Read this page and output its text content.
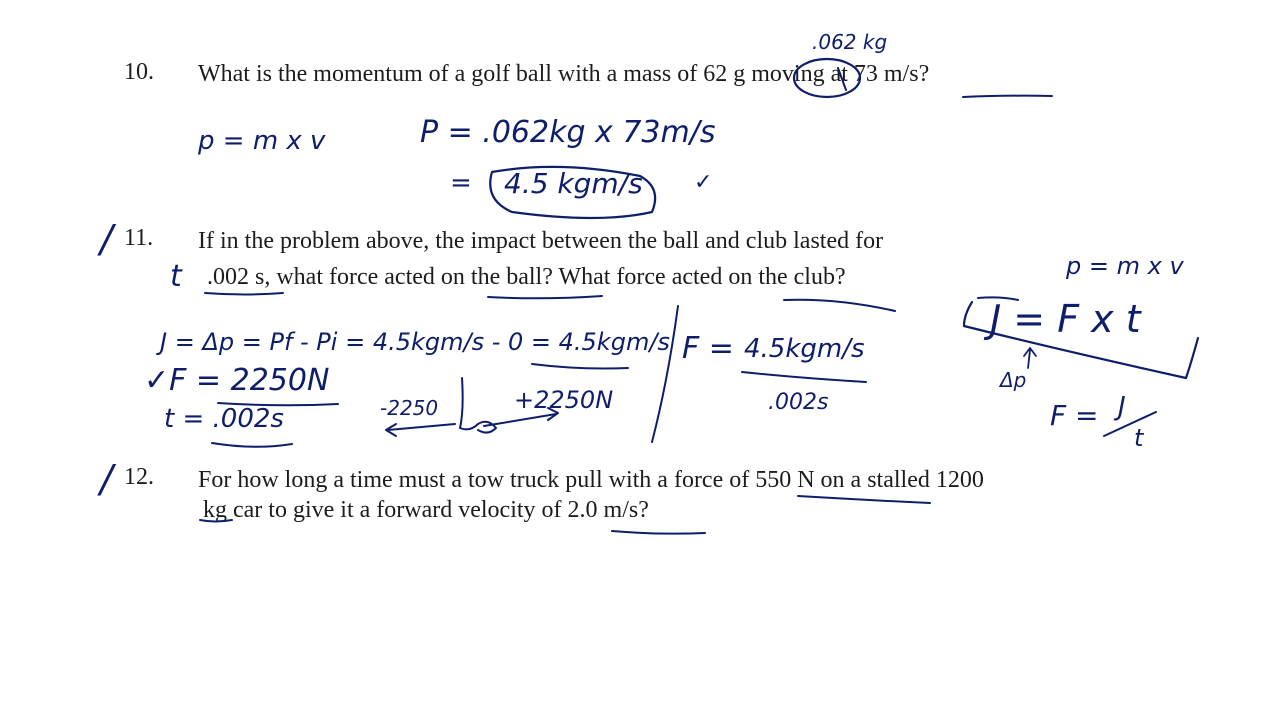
10. What is the momentum of a golf ball with a mass of 62 g moving at 73 m/s?
11. If in the problem above, the impact between the ball and club lasted for
.002 s, what force acted on the ball? What force acted on the club?
12. For how long a time must a tow truck pull with a force of 550 N on a stalled 1200
kg car to give it a forward velocity of 2.0 m/s?
.062 kg
p = m x v	P = .062kg x 73m/s
= 4.5 kgm/s ✓
/
t
J = Δp = Pf - Pi = 4.5kgm/s - 0 = 4.5kgm/s
✓F = 2250N
t = .002s	-2250	+2250N
F = 4.5kgm/s
.002s
p = m x v
J = F x t
Δp
F = J
t
/
